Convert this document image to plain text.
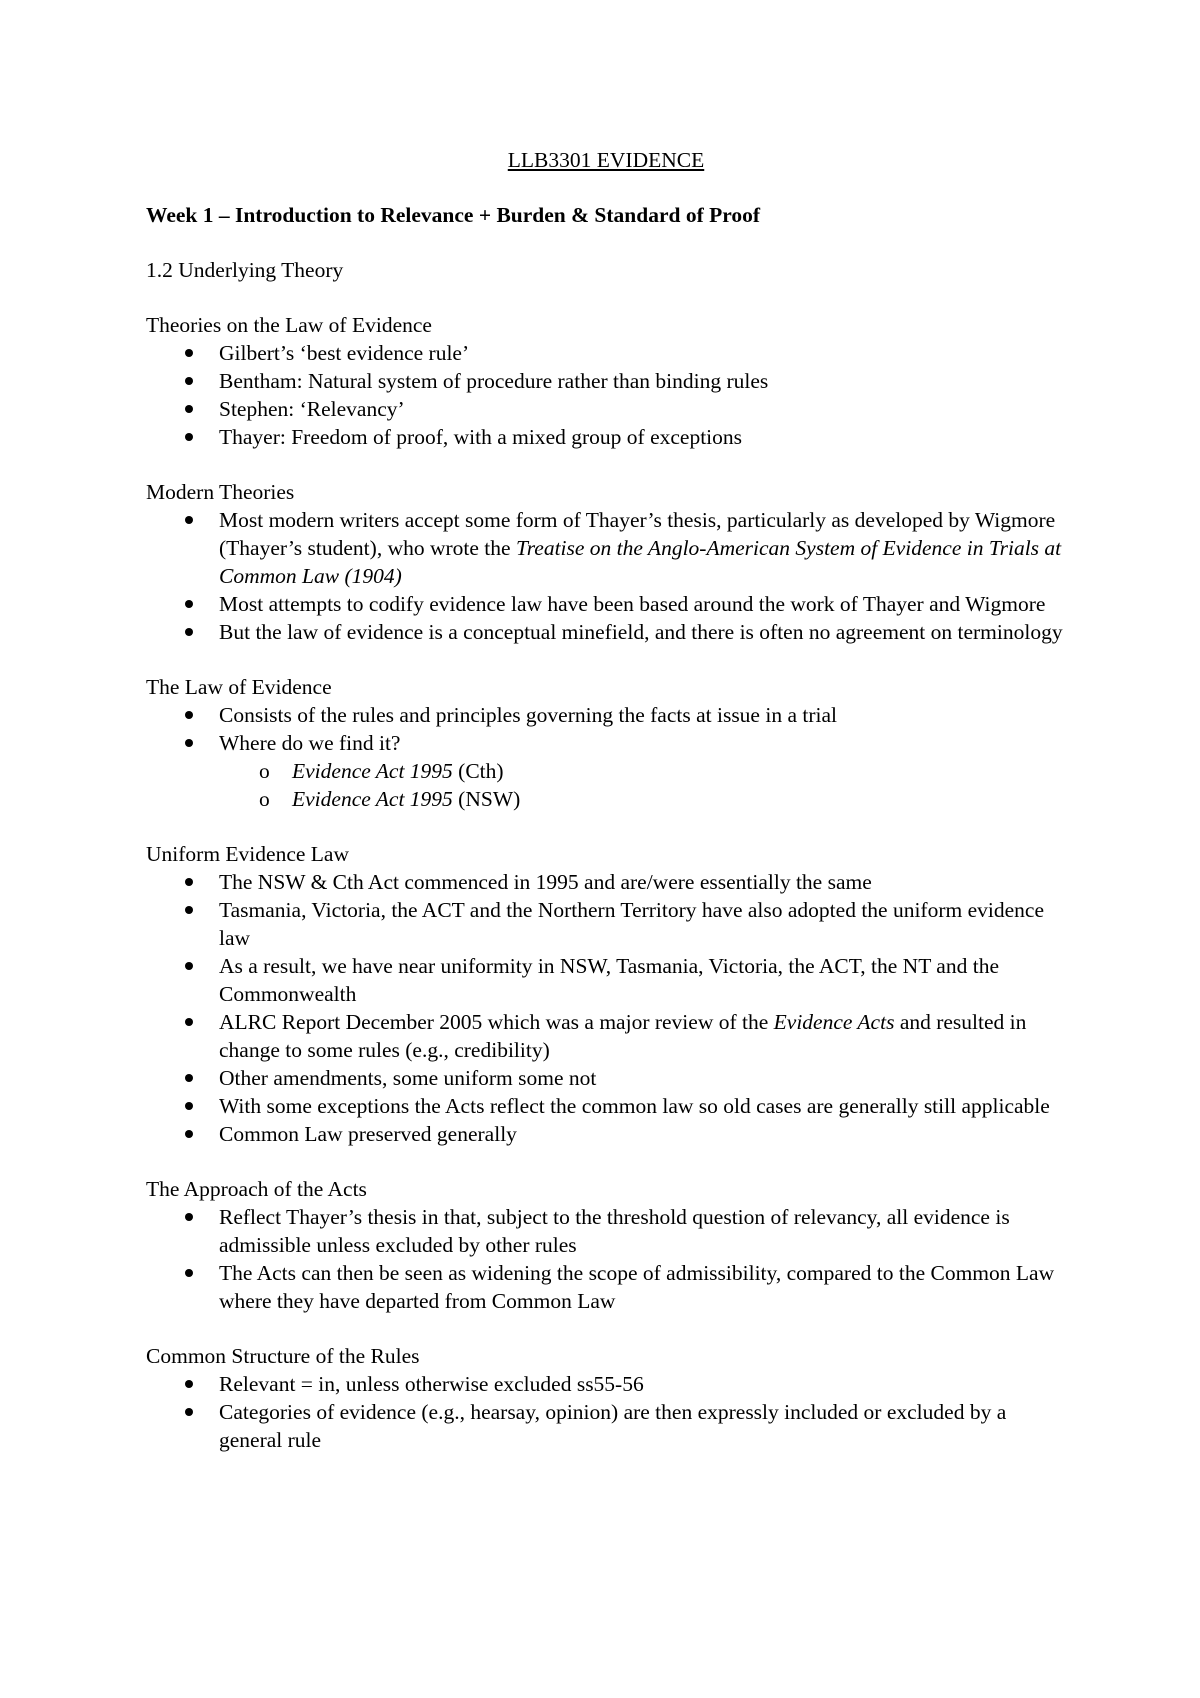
LLB3301 EVIDENCE
Week 1 – Introduction to Relevance + Burden & Standard of Proof
1.2 Underlying Theory
Theories on the Law of Evidence
Gilbert’s ‘best evidence rule’
Bentham: Natural system of procedure rather than binding rules
Stephen: ‘Relevancy’
Thayer: Freedom of proof, with a mixed group of exceptions
Modern Theories
Most modern writers accept some form of Thayer’s thesis, particularly as developed by Wigmore (Thayer’s student), who wrote the Treatise on the Anglo-American System of Evidence in Trials at Common Law (1904)
Most attempts to codify evidence law have been based around the work of Thayer and Wigmore
But the law of evidence is a conceptual minefield, and there is often no agreement on terminology
The Law of Evidence
Consists of the rules and principles governing the facts at issue in a trial
Where do we find it?
o Evidence Act 1995 (Cth)
o Evidence Act 1995 (NSW)
Uniform Evidence Law
The NSW & Cth Act commenced in 1995 and are/were essentially the same
Tasmania, Victoria, the ACT and the Northern Territory have also adopted the uniform evidence law
As a result, we have near uniformity in NSW, Tasmania, Victoria, the ACT, the NT and the Commonwealth
ALRC Report December 2005 which was a major review of the Evidence Acts and resulted in change to some rules (e.g., credibility)
Other amendments, some uniform some not
With some exceptions the Acts reflect the common law so old cases are generally still applicable
Common Law preserved generally
The Approach of the Acts
Reflect Thayer’s thesis in that, subject to the threshold question of relevancy, all evidence is admissible unless excluded by other rules
The Acts can then be seen as widening the scope of admissibility, compared to the Common Law where they have departed from Common Law
Common Structure of the Rules
Relevant = in, unless otherwise excluded ss55-56
Categories of evidence (e.g., hearsay, opinion) are then expressly included or excluded by a general rule
